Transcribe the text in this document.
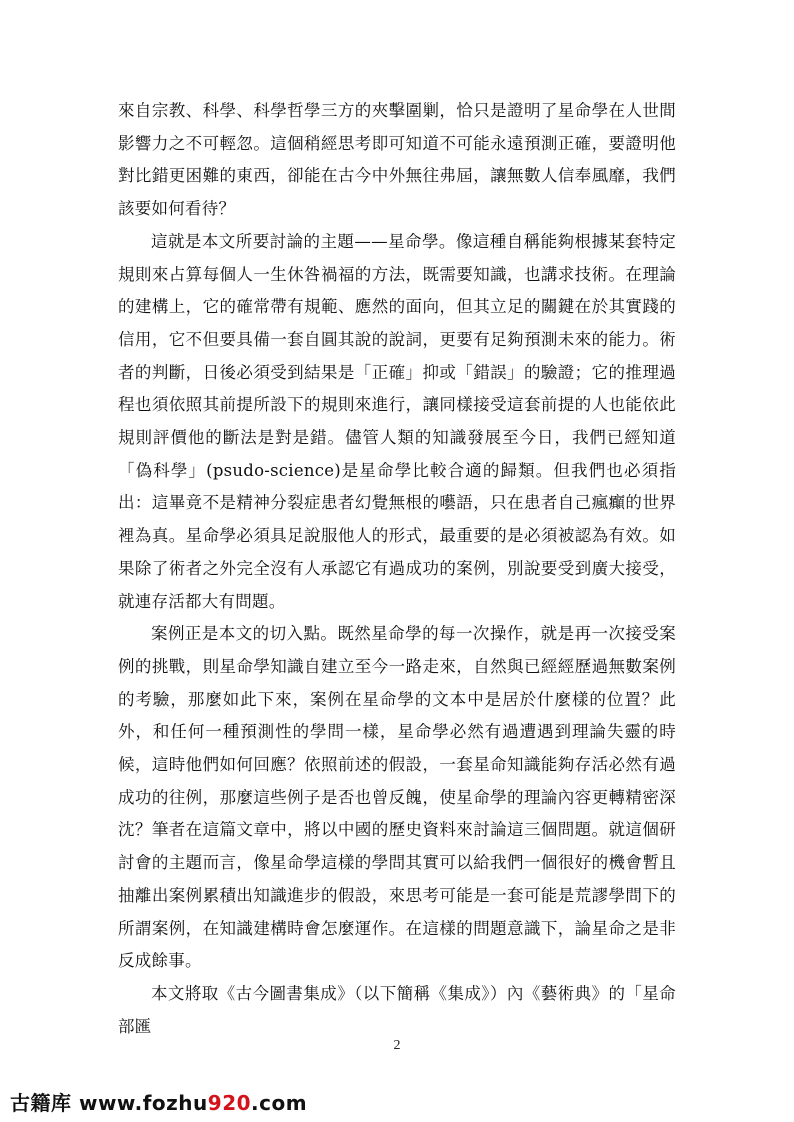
來自宗教、科學、科學哲學三方的夾擊圍剿，恰只是證明了星命學在人世間影響力之不可輕忽。這個稍經思考即可知道不可能永遠預測正確，要證明他對比錯更困難的東西，卻能在古今中外無往弗屆，讓無數人信奉風靡，我們該要如何看待？

這就是本文所要討論的主題——星命學。像這種自稱能夠根據某套特定規則來占算每個人一生休咎禍福的方法，既需要知識，也講求技術。在理論的建構上，它的確常帶有規範、應然的面向，但其立足的關鍵在於其實踐的信用，它不但要具備一套自圓其說的說詞，更要有足夠預測未來的能力。術者的判斷，日後必須受到結果是「正確」抑或「錯誤」的驗證；它的推理過程也須依照其前提所設下的規則來進行，讓同樣接受這套前提的人也能依此規則評價他的斷法是對是錯。儘管人類的知識發展至今日，我們已經知道「偽科學」(psudo-science)是星命學比較合適的歸類。但我們也必須指出：這畢竟不是精神分裂症患者幻覺無根的囈語，只在患者自己瘋癲的世界裡為真。星命學必須具足說服他人的形式，最重要的是必須被認為有效。如果除了術者之外完全沒有人承認它有過成功的案例，別說要受到廣大接受，就連存活都大有問題。

案例正是本文的切入點。既然星命學的每一次操作，就是再一次接受案例的挑戰，則星命學知識自建立至今一路走來，自然與已經經歷過無數案例的考驗，那麼如此下來，案例在星命學的文本中是居於什麼樣的位置？此外，和任何一種預測性的學問一樣，星命學必然有過遭遇到理論失靈的時候，這時他們如何回應？依照前述的假設，一套星命知識能夠存活必然有過成功的往例，那麼這些例子是否也曾反餽，使星命學的理論內容更轉精密深沈？筆者在這篇文章中，將以中國的歷史資料來討論這三個問題。就這個研討會的主題而言，像星命學這樣的學問其實可以給我們一個很好的機會暫且抽離出案例累積出知識進步的假設，來思考可能是一套可能是荒謬學問下的所謂案例，在知識建構時會怎麼運作。在這樣的問題意識下，論星命之是非反成餘事。

本文將取《古今圖書集成》（以下簡稱《集成》）內《藝術典》的「星命部匯

2
古籍库 www.fozhu920.com
